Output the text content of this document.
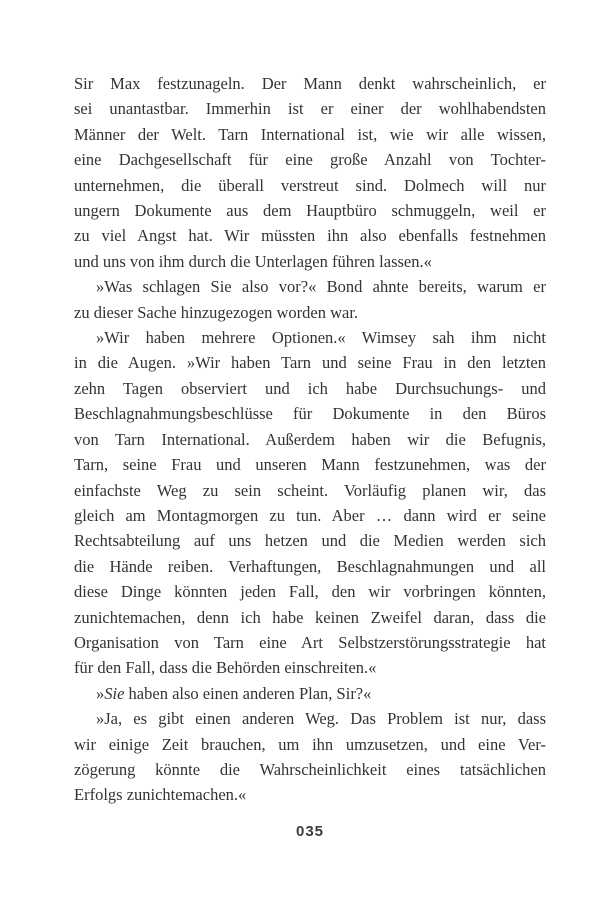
Sir Max festzunageln. Der Mann denkt wahrscheinlich, er
sei unantastbar. Immerhin ist er einer der wohlhabendsten
Männer der Welt. Tarn International ist, wie wir alle wissen,
eine Dachgesellschaft für eine große Anzahl von Tochter-
unternehmen, die überall verstreut sind. Dolmech will nur
ungern Dokumente aus dem Hauptbüro schmuggeln, weil er
zu viel Angst hat. Wir müssten ihn also ebenfalls festnehmen
und uns von ihm durch die Unterlagen führen lassen.«
»Was schlagen Sie also vor?« Bond ahnte bereits, warum er
zu dieser Sache hinzugezogen worden war.
»Wir haben mehrere Optionen.« Wimsey sah ihm nicht
in die Augen. »Wir haben Tarn und seine Frau in den letzten
zehn Tagen observiert und ich habe Durchsuchungs- und
Beschlagnahmungsbeschlüsse für Dokumente in den Büros
von Tarn International. Außerdem haben wir die Befugnis,
Tarn, seine Frau und unseren Mann festzunehmen, was der
einfachste Weg zu sein scheint. Vorläufig planen wir, das
gleich am Montagmorgen zu tun. Aber … dann wird er seine
Rechtsabteilung auf uns hetzen und die Medien werden sich
die Hände reiben. Verhaftungen, Beschlagnahmungen und all
diese Dinge könnten jeden Fall, den wir vorbringen könnten,
zunichtemachen, denn ich habe keinen Zweifel daran, dass die
Organisation von Tarn eine Art Selbstzerstörungsstrategie hat
für den Fall, dass die Behörden einschreiten.«
»Sie haben also einen anderen Plan, Sir?«
»Ja, es gibt einen anderen Weg. Das Problem ist nur, dass
wir einige Zeit brauchen, um ihn umzusetzen, und eine Ver-
zögerung könnte die Wahrscheinlichkeit eines tatsächlichen
Erfolgs zunichtemachen.«
035
